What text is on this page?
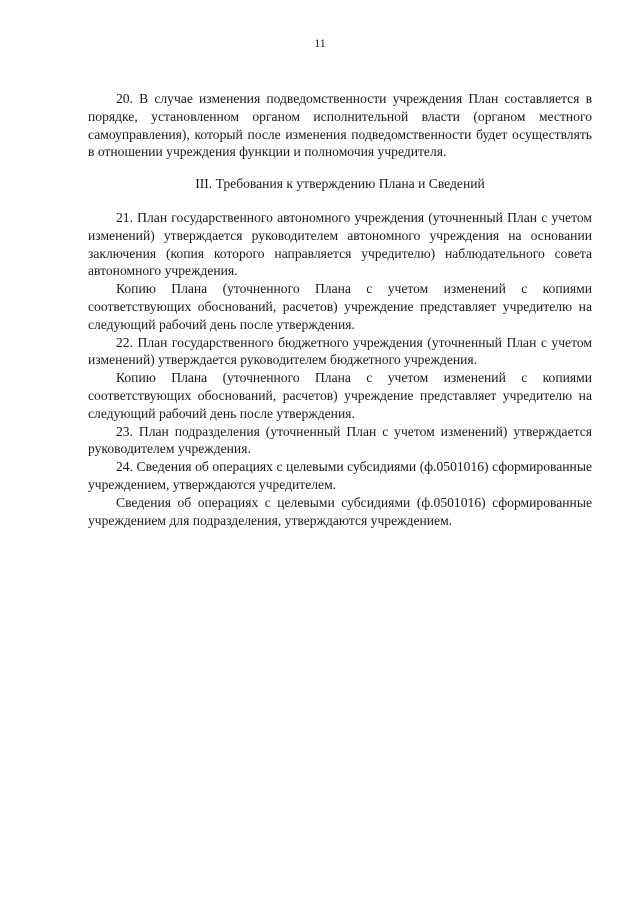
11

20. В случае изменения подведомственности учреждения План составляется в порядке, установленном органом исполнительной власти (органом местного самоуправления), который после изменения подведомственности будет осуществлять в отношении учреждения функции и полномочия учредителя.

III. Требования к утверждению Плана и Сведений

21. План государственного автономного учреждения (уточненный План с учетом изменений) утверждается руководителем автономного учреждения на основании заключения (копия которого направляется учредителю) наблюдательного совета автономного учреждения.

Копию Плана (уточненного Плана с учетом изменений с копиями соответствующих обоснований, расчетов) учреждение представляет учредителю на следующий рабочий день после утверждения.

22. План государственного бюджетного учреждения (уточненный План с учетом изменений) утверждается руководителем бюджетного учреждения.

Копию Плана (уточненного Плана с учетом изменений с копиями соответствующих обоснований, расчетов) учреждение представляет учредителю на следующий рабочий день после утверждения.

23. План подразделения (уточненный План с учетом изменений) утверждается руководителем учреждения.

24. Сведения об операциях с целевыми субсидиями (ф.0501016) сформированные учреждением, утверждаются учредителем.

Сведения об операциях с целевыми субсидиями (ф.0501016) сформированные учреждением для подразделения, утверждаются учреждением.
